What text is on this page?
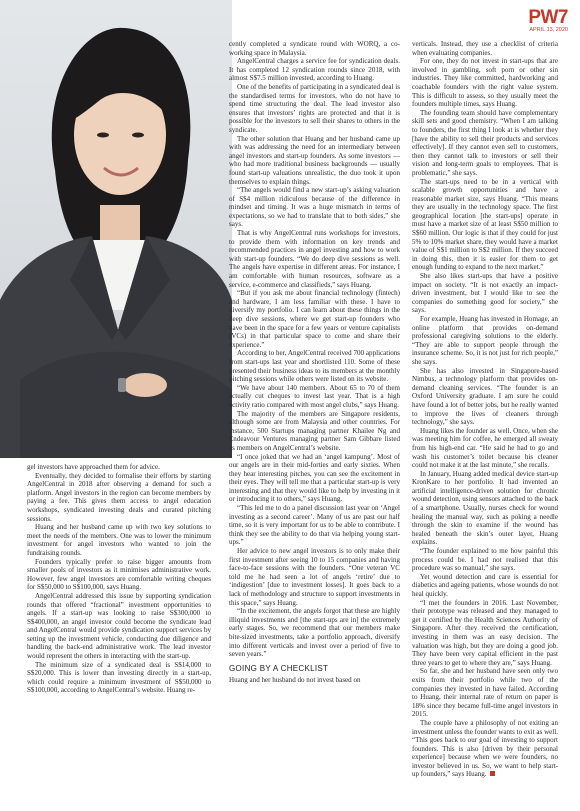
PW7
APRIL 13, 2020

gel investors have approached them for advice.

Eventually, they decided to formalise their efforts by starting AngelCentral in 2018 after observing a demand for such a platform. Angel investors in the region can become members by paying a fee. This gives them access to angel education workshops, syndicated investing deals and curated pitching sessions.

Huang and her husband came up with two key solutions to meet the needs of the members. One was to lower the minimum investment for angel investors who wanted to join the fundraising rounds.

Founders typically prefer to raise bigger amounts from smaller pools of investors as it minimises administrative work. However, few angel investors are comfortable writing cheques for S$50,000 to S$100,000, says Huang.

AngelCentral addressed this issue by supporting syndication rounds that offered “fractional” investment opportunities to angels. If a start-up was looking to raise S$300,000 to S$400,000, an angel investor could become the syndicate lead and AngelCentral would provide syndication support services by setting up the investment vehicle, conducting due diligence and handling the back-end administrative work. The lead investor would represent the others in interacting with the start-up.

The minimum size of a syndicated deal is S$14,000 to S$20,000. This is lower than investing directly in a start-up, which could require a minimum investment of S$50,000 to S$100,000, according to AngelCentral’s website. Huang re-

cently completed a syndicate round with WORQ, a co-working space in Malaysia.

AngelCentral charges a service fee for syndication deals. It has completed 12 syndication rounds since 2018, with almost S$7.5 million invested, according to Huang.

One of the benefits of participating in a syndicated deal is the standardised terms for investors, who do not have to spend time structuring the deal. The lead investor also ensures that investors’ rights are protected and that it is possible for the investors to sell their shares to others in the syndicate.

The other solution that Huang and her husband came up with was addressing the need for an intermediary between angel investors and start-up founders. As some investors — who had more traditional business backgrounds — usually found start-up valuations unrealistic, the duo took it upon themselves to explain things.

“The angels would find a new start-up’s asking valuation of S$4 million ridiculous because of the difference in mindset and timing. It was a huge mismatch in terms of expectations, so we had to translate that to both sides,” she says.

That is why AngelCentral runs workshops for investors, to provide them with information on key trends and recommended practices in angel investing and how to work with start-up founders. “We do deep dive sessions as well. The angels have expertise in different areas. For instance, I am comfortable with human resources, software as a service, e-commerce and classifieds,” says Huang.

“But if you ask me about financial technology (fintech) and hardware, I am less familiar with these. I have to diversify my portfolio. I can learn about these things in the deep dive sessions, where we get start-up founders who have been in the space for a few years or venture capitalists (VCs) in that particular space to come and share their experience.”

According to her, AngelCentral received 700 applications from start-ups last year and shortlisted 110. Some of these presented their business ideas to its members at the monthly pitching sessions while others were listed on its website.

“We have about 140 members. About 65 to 70 of them actually cut cheques to invest last year. That is a high activity ratio compared with most angel clubs,” says Huang.

The majority of the members are Singapore residents, although some are from Malaysia and other countries. For instance, 500 Startups managing partner Khailee Ng and Endeavour Ventures managing partner Sam Gibbare listed as members on AngelCentral’s website.

“I once joked that we had an ‘angel kampung’. Most of our angels are in their mid-forties and early sixties. When they hear interesting pitches, you can see the excitement in their eyes. They will tell me that a particular start-up is very interesting and that they would like to help by investing in it or introducing it to others,” says Huang.

“This led me to do a panel discussion last year on ‘Angel investing as a second career’. Many of us are past our half time, so it is very important for us to be able to contribute. I think they see the ability to do that via helping young start-ups.”

Her advice to new angel investors is to only make their first investment after seeing 10 to 15 companies and having face-to-face sessions with the founders. “One veteran VC told me he had seen a lot of angels ‘retire’ due to ‘indigestion’ [due to investment losses]. It goes back to a lack of methodology and structure to support investments in this space,” says Huang.

“In the excitement, the angels forgot that these are highly illiquid investments and [the start-ups are in] the extremely early stages. So, we recommend that our members make bite-sized investments, take a portfolio approach, diversify into different verticals and invest over a period of five to seven years.”

GOING BY A CHECKLIST

Huang and her husband do not invest based on

verticals. Instead, they use a checklist of criteria when evaluating companies.

For one, they do not invest in start-ups that are involved in gambling, soft porn or other sin industries. They like committed, hardworking and coachable founders with the right value system. This is difficult to assess, so they usually meet the founders multiple times, says Huang.

The founding team should have complementary skill sets and good chemistry. “When I am talking to founders, the first thing I look at is whether they [have the ability to sell their products and services effectively]. If they cannot even sell to customers, then they cannot talk to investors or sell their vision and long-term goals to employees. That is problematic,” she says.

The start-ups need to be in a vertical with scalable growth opportunities and have a reasonable market size, says Huang. “This means they are usually in the technology space. The first geographical location [the start-ups] operate in must have a market size of at least S$50 million to S$60 million. Our logic is that if they could for just 5% to 10% market share, they would have a market value of S$1 million to S$2 million. If they succeed in doing this, then it is easier for them to get enough funding to expand to the next market.”

She also likes start-ups that have a positive impact on society. “It is not exactly an impact-driven investment, but I would like to see the companies do something good for society,” she says.

For example, Huang has invested in Homage, an online platform that provides on-demand professional caregiving solutions to the elderly. “They are able to support people through the insurance scheme. So, it is not just for rich people,” she says.

She has also invested in Singapore-based Nimbus, a technology platform that provides on-demand cleaning services. “The founder is an Oxford University graduate. I am sure he could have found a lot of better jobs, but he really wanted to improve the lives of cleaners through technology,” she says.

Huang likes the founder as well. Once, when she was meeting him for coffee, he emerged all sweaty from his high-end car. “He said he had to go and wash his customer’s toilet because his cleaner could not make it at the last minute,” she recalls.

In January, Huang added medical device start-up KronKare to her portfolio. It had invented an artificial intelligence-driven solution for chronic wound detection, using sensors attached to the back of a smartphone. Usually, nurses check for wound healing the manual way, such as poking a needle through the skin to examine if the wound has healed beneath the skin’s outer layer, Huang explains.

“The founder explained to me how painful this process could be. I had not realised that this procedure was so manual,” she says.

Yet wound detection and care is essential for diabetics and ageing patients, whose wounds do not heal quickly.

“I met the founders in 2016. Last November, their prototype was released and they managed to get it certified by the Health Sciences Authority of Singapore. After they received the certification, investing in them was an easy decision. The valuation was high, but they are doing a good job. They have been very capital efficient in the past three years to get to where they are,” says Huang.

So far, she and her husband have seen only two exits from their portfolio while two of the companies they invested in have failed. According to Huang, their internal rate of return on paper is 18% since they became full-time angel investors in 2015.

The couple have a philosophy of not exiting an investment unless the founder wants to exit as well. “This goes back to our goal of investing to support founders. This is also [driven by their personal experience] because when we were founders, no investor believed in us. So, we want to help start-up founders,” says Huang.
